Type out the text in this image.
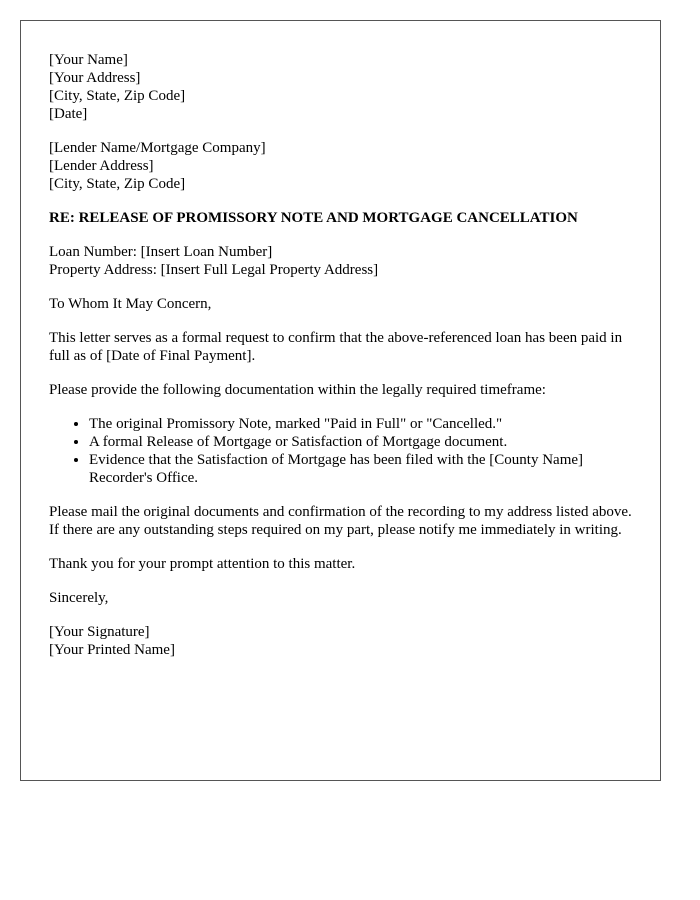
[Your Name]
[Your Address]
[City, State, Zip Code]
[Date]

[Lender Name/Mortgage Company]
[Lender Address]
[City, State, Zip Code]

RE: RELEASE OF PROMISSORY NOTE AND MORTGAGE CANCELLATION

Loan Number: [Insert Loan Number]
Property Address: [Insert Full Legal Property Address]

To Whom It May Concern,

This letter serves as a formal request to confirm that the above-referenced loan has been paid in full as of [Date of Final Payment].

Please provide the following documentation within the legally required timeframe:

• The original Promissory Note, marked "Paid in Full" or "Cancelled."
• A formal Release of Mortgage or Satisfaction of Mortgage document.
• Evidence that the Satisfaction of Mortgage has been filed with the [County Name] Recorder's Office.

Please mail the original documents and confirmation of the recording to my address listed above. If there are any outstanding steps required on my part, please notify me immediately in writing.

Thank you for your prompt attention to this matter.

Sincerely,

[Your Signature]
[Your Printed Name]
